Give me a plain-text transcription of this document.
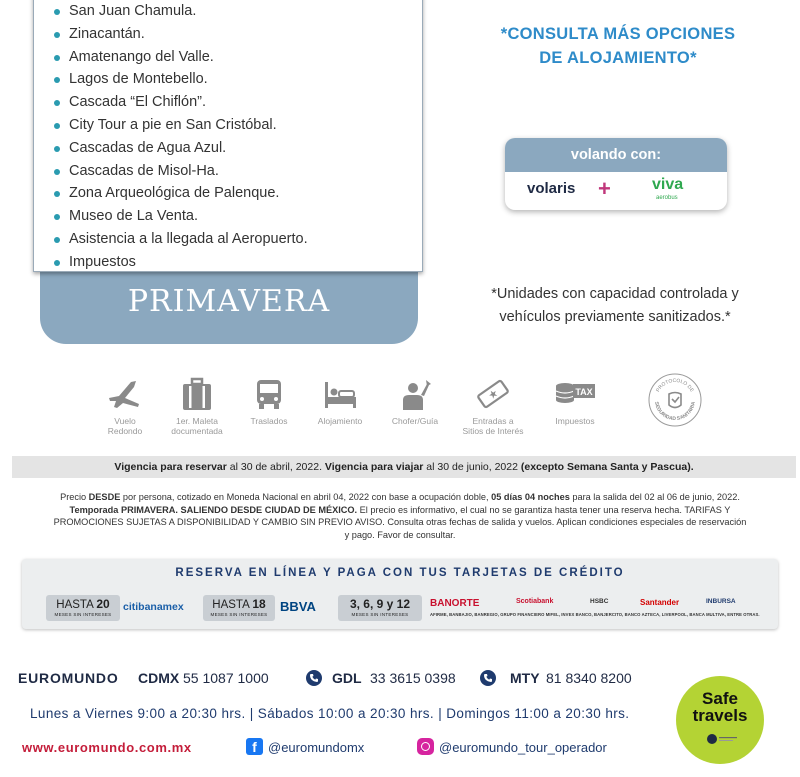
PRIMAVERA
San Juan Chamula.
Zinacantán.
Amatenango del Valle.
Lagos de Montebello.
Cascada “El Chiflón”.
City Tour a pie en San Cristóbal.
Cascadas de Agua Azul.
Cascadas de Misol-Ha.
Zona Arqueológica de Palenque.
Museo de La Venta.
Asistencia a la llegada al Aeropuerto.
Impuestos
*CONSULTA MÁS OPCIONES
DE ALOJAMIENTO*
volando con:
volaris +	viva
aerobus
*Unidades con capacidad controlada y
vehículos previamente sanitizados.*
Vuelo
Redondo
1er. Maleta
documentada
Traslados	Alojamiento	Chofer/Guía	Entradas a
Sitios de Interés
TAX
Impuestos
PROTOCOLO DE
SEGURIDAD SANITARIA
Vigencia para reservar al 30 de abril, 2022. Vigencia para viajar al 30 de junio, 2022 (excepto Semana Santa y Pascua).
Precio DESDE por persona, cotizado en Moneda Nacional en abril 04, 2022 con base a ocupación doble, 05 días 04 noches para la salida del 02 al 06 de junio, 2022. Temporada PRIMAVERA. SALIENDO DESDE CIUDAD DE MÉXICO. El precio es informativo, el cual no se garantiza hasta tener una reserva hecha. TARIFAS Y PROMOCIONES SUJETAS A DISPONIBILIDAD Y CAMBIO SIN PREVIO AVISO. Consulta otras fechas de salida y vuelos. Aplican condiciones especiales de reservación y pago. Favor de consultar.
RESERVA EN LÍNEA Y PAGA CON TUS TARJETAS DE CRÉDITO
HASTA 20
MESES SIN INTERESES
citibanamex	HASTA 18
MESES SIN INTERESES
BBVA	3, 6, 9 y 12
MESES SIN INTERESES
BANORTE	Scotiabank	HSBC	Santander	INBURSA
AFIRME, BANBAJIO, BANREGIO, GRUPO FINANCIERO MIFEL, INVEX BANCO, BANJERCITO, BANCO AZTECA, LIVERPOOL, BANCA MULTIVA, ENTRE OTRAS.
EUROMUNDO CDMX 55 1087 1000	GDL 33 3615 0398	MTY 81 8340 8200
Lunes a Viernes 9:00 a 20:30 hrs. | Sábados 10:00 a 20:30 hrs. | Domingos 11:00 a 20:30 hrs.
www.euromundo.com.mx	f @euromundomx	@euromundo_tour_operador
Safe
travels
